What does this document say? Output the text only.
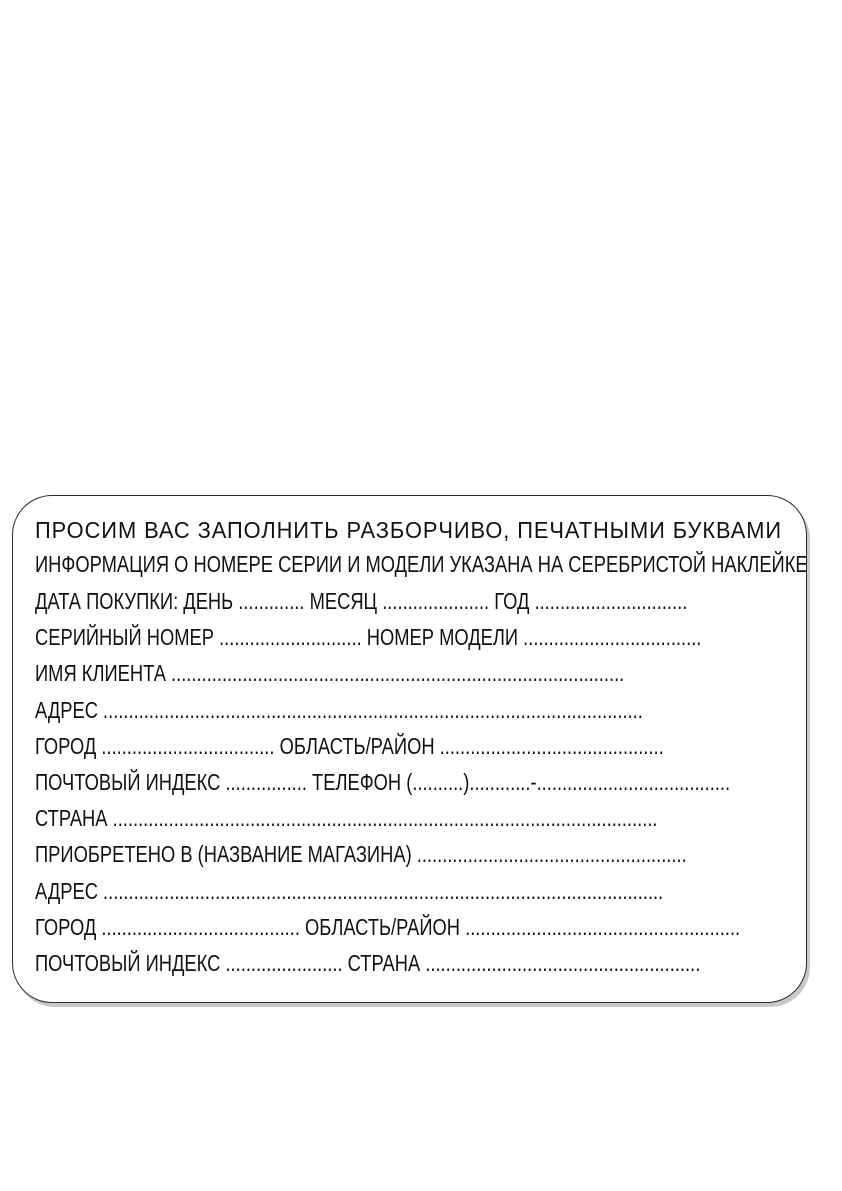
ПРОСИМ ВАС ЗАПОЛНИТЬ РАЗБОРЧИВО, ПЕЧАТНЫМИ БУКВАМИ
ИНФОРМАЦИЯ О НОМЕРЕ СЕРИИ И МОДЕЛИ УКАЗАНА НА СЕРЕБРИСТОЙ НАКЛЕЙКЕ
ДАТА ПОКУПКИ: ДЕНЬ ............. МЕСЯЦ ..................... ГОД ..............................
СЕРИЙНЫЙ НОМЕР ............................ НОМЕР МОДЕЛИ ...................................
ИМЯ КЛИЕНТА .........................................................................................
АДРЕС ..........................................................................................................
ГОРОД .................................. ОБЛАСТЬ/РАЙОН ............................................
ПОЧТОВЫЙ ИНДЕКС ................ ТЕЛЕФОН (..........)............-......................................
СТРАНА ...........................................................................................................
ПРИОБРЕТЕНО В (НАЗВАНИЕ МАГАЗИНА) .....................................................
АДРЕС ..............................................................................................................
ГОРОД ....................................... ОБЛАСТЬ/РАЙОН ......................................................
ПОЧТОВЫЙ ИНДЕКС ....................... СТРАНА ......................................................
